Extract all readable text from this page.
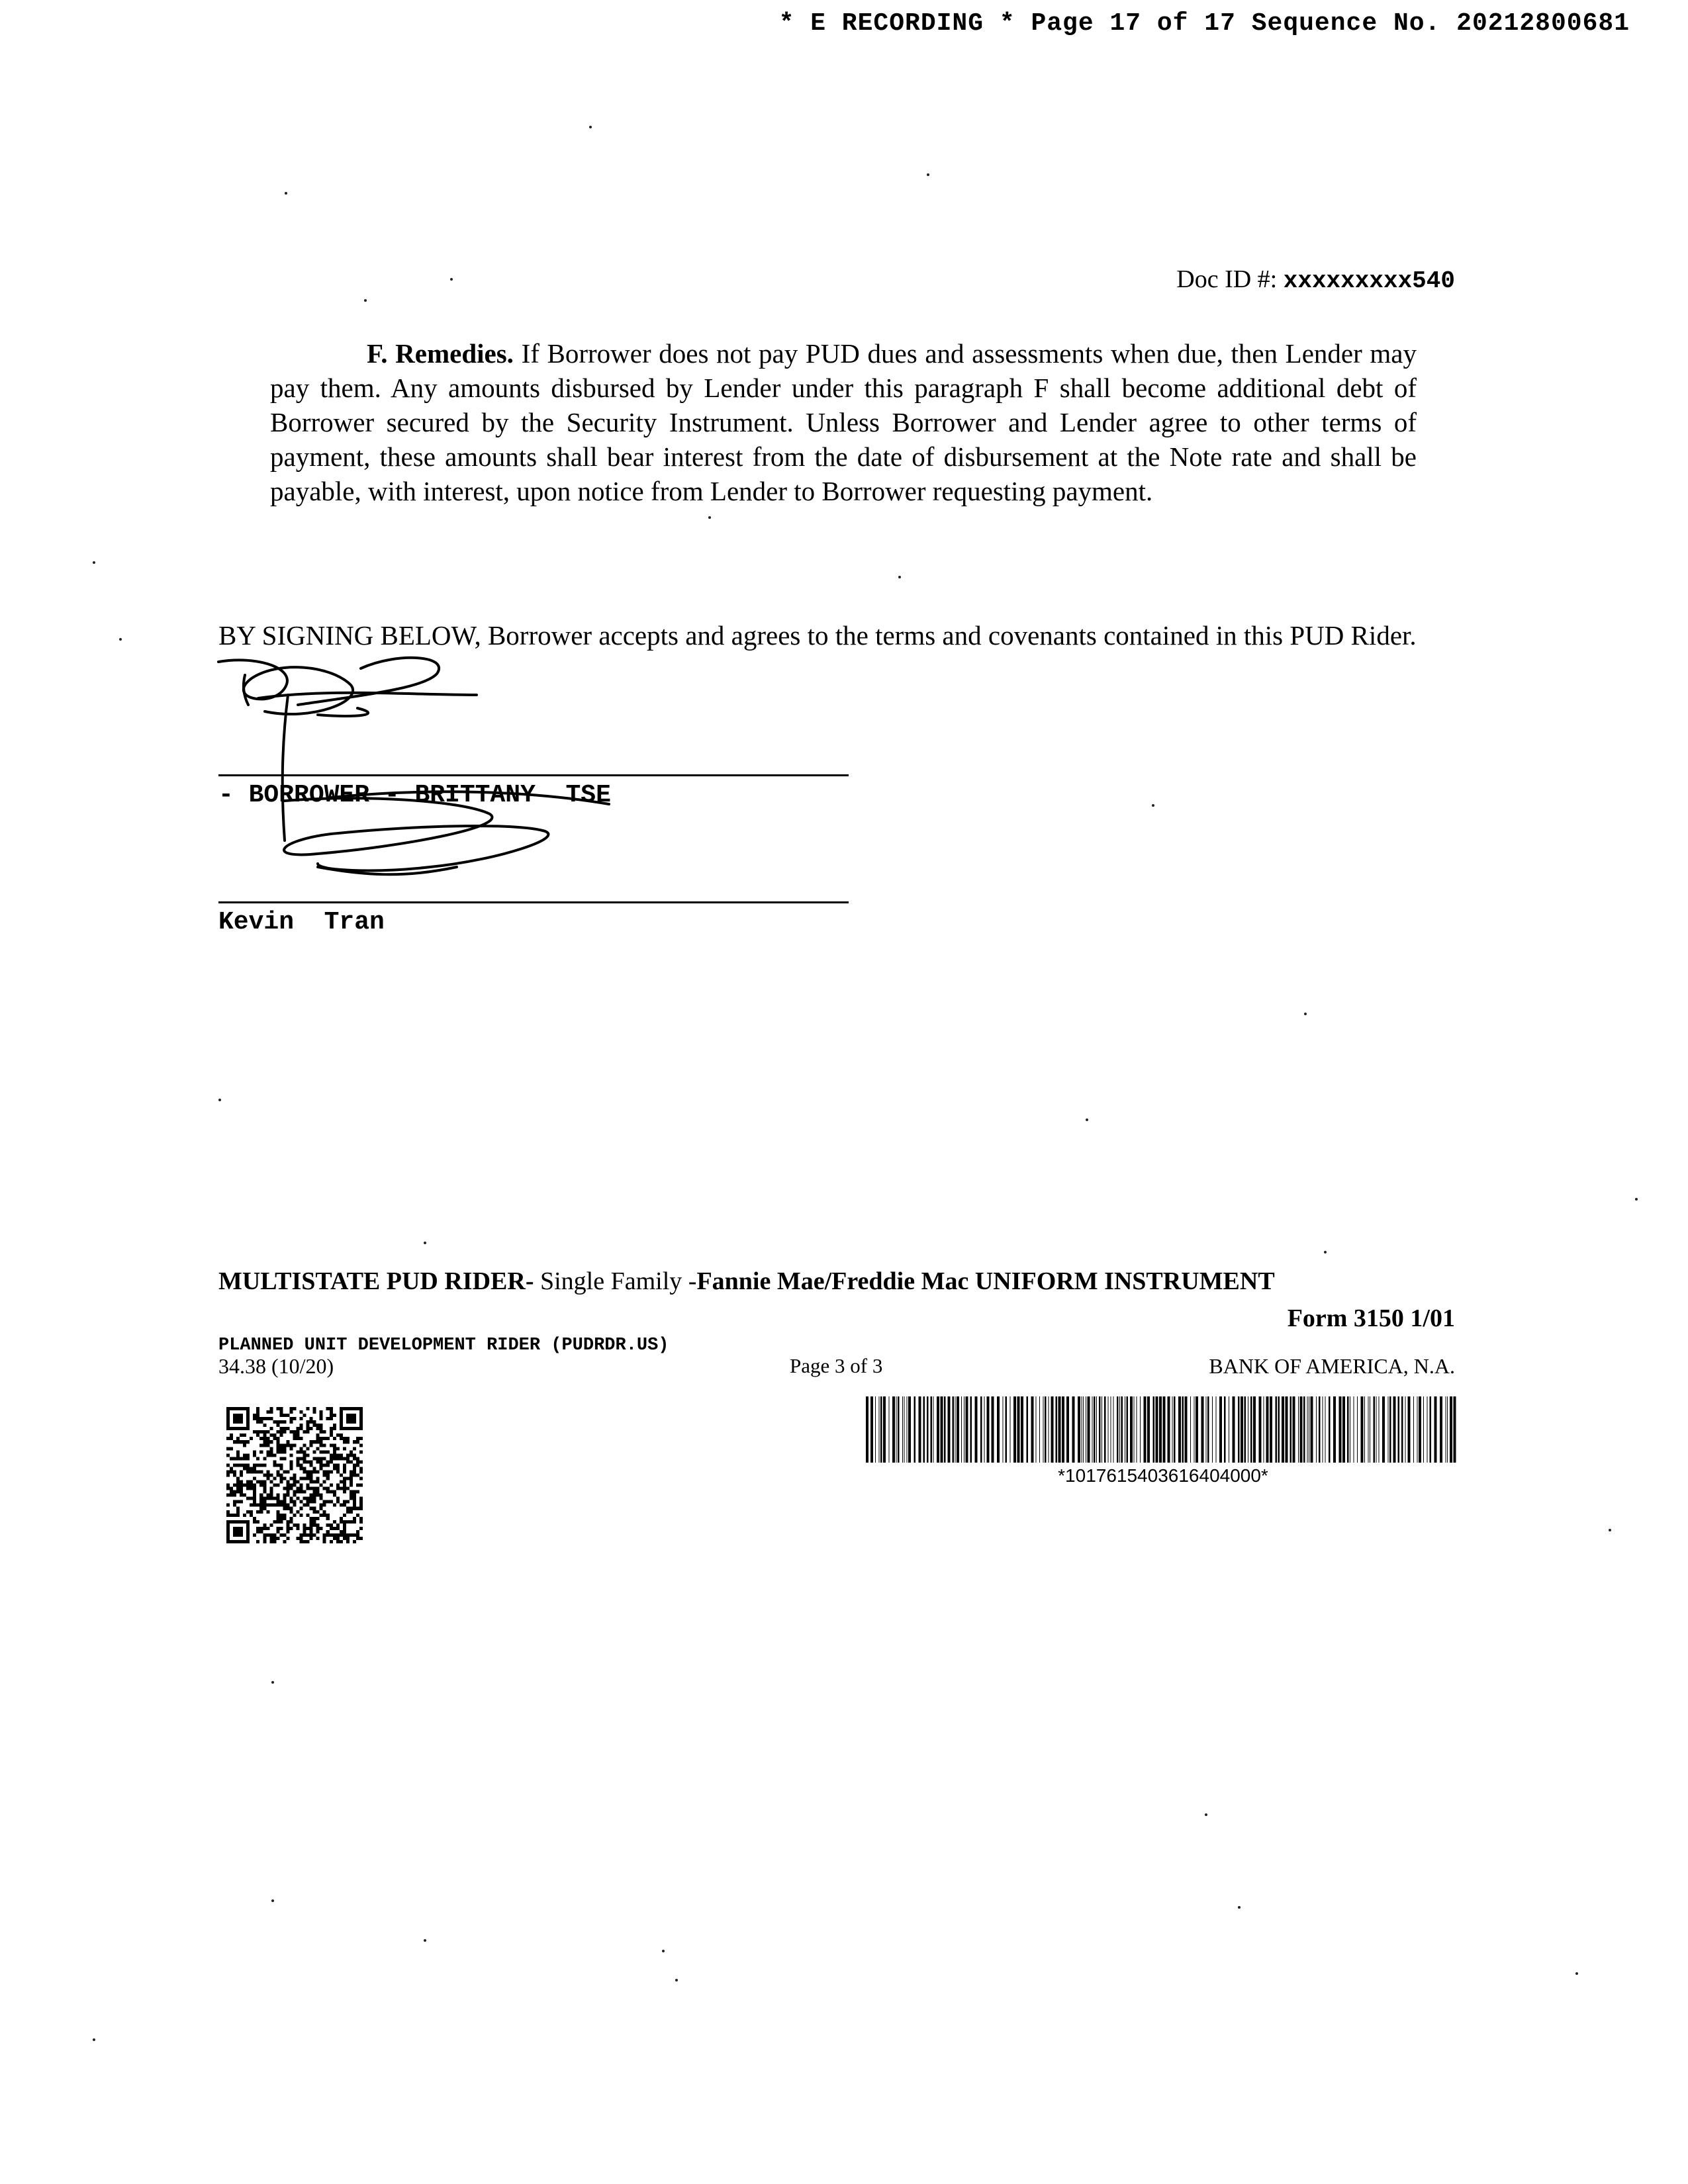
* E RECORDING * Page 17 of 17 Sequence No. 20212800681
Doc ID #: xxxxxxxxx540

F. Remedies. If Borrower does not pay PUD dues and assessments when due, then Lender may pay them. Any amounts disbursed by Lender under this paragraph F shall become additional debt of Borrower secured by the Security Instrument. Unless Borrower and Lender agree to other terms of payment, these amounts shall bear interest from the date of disbursement at the Note rate and shall be payable, with interest, upon notice from Lender to Borrower requesting payment.

BY SIGNING BELOW, Borrower accepts and agrees to the terms and covenants contained in this PUD Rider.

- BORROWER - BRITTANY  TSE
Kevin  Tran
MULTISTATE PUD RIDER- Single Family -Fannie Mae/Freddie Mac UNIFORM INSTRUMENT
Form 3150 1/01
PLANNED UNIT DEVELOPMENT RIDER (PUDRDR.US)
34.38 (10/20)	Page 3 of 3	BANK OF AMERICA, N.A.
*1017615403616404000*
